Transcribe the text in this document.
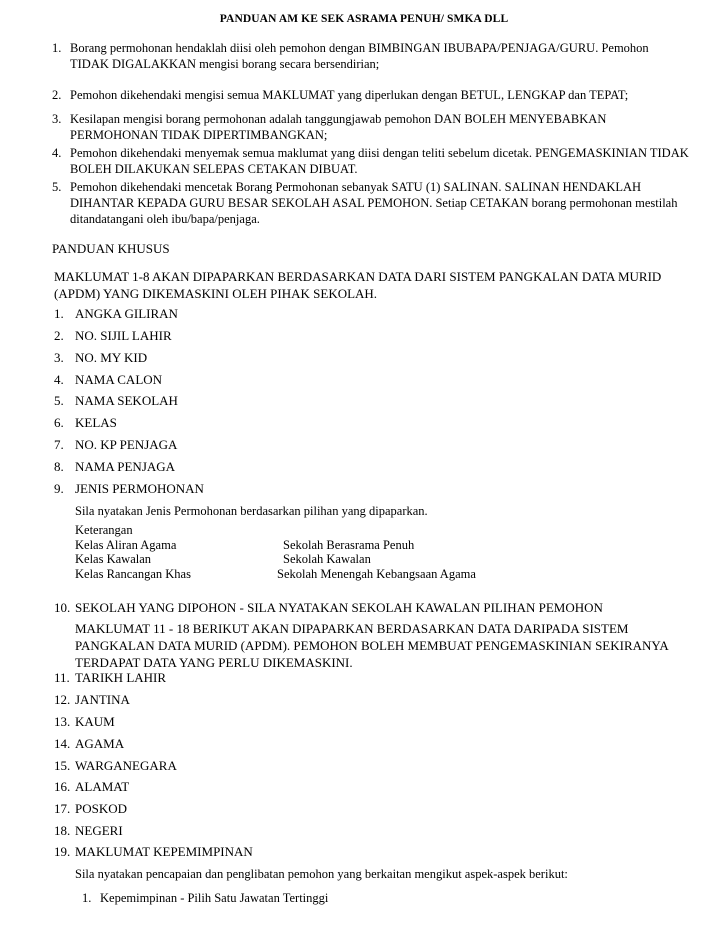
PANDUAN AM KE SEK ASRAMA PENUH/ SMKA DLL
1. Borang permohonan hendaklah diisi oleh pemohon dengan BIMBINGAN IBUBAPA/PENJAGA/GURU. Pemohon TIDAK DIGALAKKAN mengisi borang secara bersendirian;
2. Pemohon dikehendaki mengisi semua MAKLUMAT yang diperlukan dengan BETUL, LENGKAP dan TEPAT;
3. Kesilapan mengisi borang permohonan adalah tanggungjawab pemohon DAN BOLEH MENYEBABKAN PERMOHONAN TIDAK DIPERTIMBANGKAN;
4. Pemohon dikehendaki menyemak semua maklumat yang diisi dengan teliti sebelum dicetak. PENGEMASKINIAN TIDAK BOLEH DILAKUKAN SELEPAS CETAKAN DIBUAT.
5. Pemohon dikehendaki mencetak Borang Permohonan sebanyak SATU (1) SALINAN. SALINAN HENDAKLAH DIHANTAR KEPADA GURU BESAR SEKOLAH ASAL PEMOHON. Setiap CETAKAN borang permohonan mestilah ditandatangani oleh ibu/bapa/penjaga.
PANDUAN KHUSUS
MAKLUMAT 1-8 AKAN DIPAPARKAN BERDASARKAN DATA DARI SISTEM PANGKALAN DATA MURID (APDM) YANG DIKEMASKINI OLEH PIHAK SEKOLAH.
1. ANGKA GILIRAN
2. NO. SIJIL LAHIR
3. NO. MY KID
4. NAMA CALON
5. NAMA SEKOLAH
6. KELAS
7. NO. KP PENJAGA
8. NAMA PENJAGA
9. JENIS PERMOHONAN
Sila nyatakan Jenis Permohonan berdasarkan pilihan yang dipaparkan.
Keterangan
Kelas Aliran Agama	Sekolah Berasrama Penuh
Kelas Kawalan	Sekolah Kawalan
Kelas Rancangan Khas	Sekolah Menengah Kebangsaan Agama
10. SEKOLAH YANG DIPOHON - SILA NYATAKAN SEKOLAH KAWALAN PILIHAN PEMOHON
MAKLUMAT 11 - 18 BERIKUT AKAN DIPAPARKAN BERDASARKAN DATA DARIPADA SISTEM PANGKALAN DATA MURID (APDM). PEMOHON BOLEH MEMBUAT PENGEMASKINIAN SEKIRANYA TERDAPAT DATA YANG PERLU DIKEMASKINI.
11. TARIKH LAHIR
12. JANTINA
13. KAUM
14. AGAMA
15. WARGANEGARA
16. ALAMAT
17. POSKOD
18. NEGERI
19. MAKLUMAT KEPEMIMPINAN
Sila nyatakan pencapaian dan penglibatan pemohon yang berkaitan mengikut aspek-aspek berikut:
1. Kepemimpinan - Pilih Satu Jawatan Tertinggi
